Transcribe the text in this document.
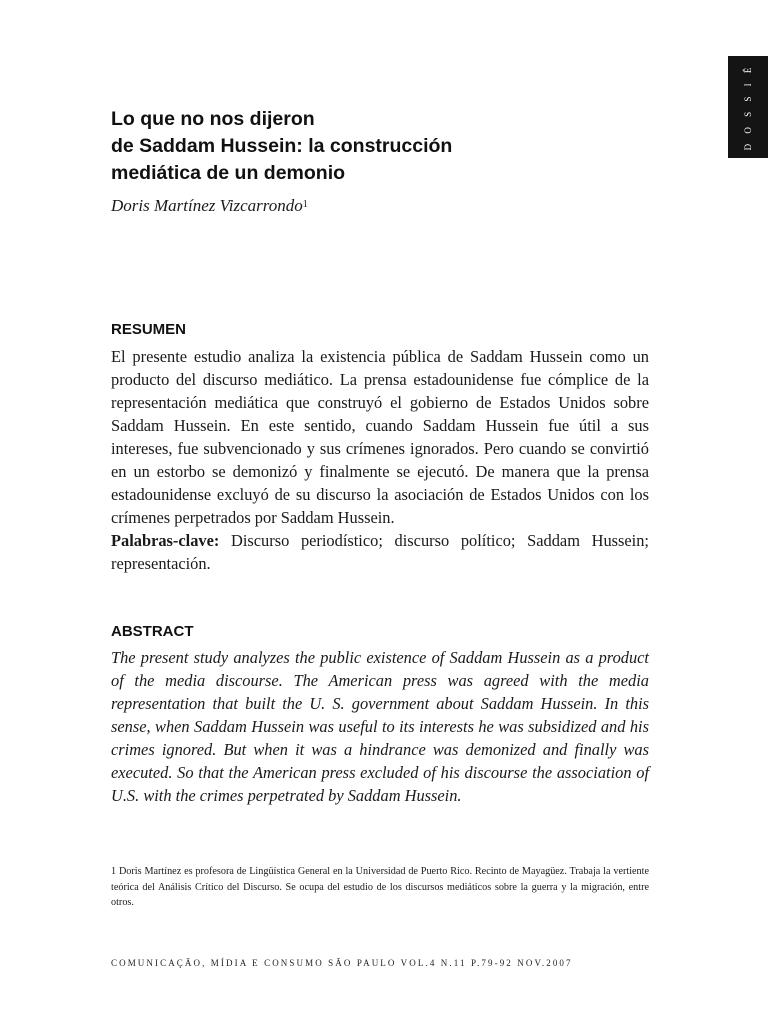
D O S S I Ê
Lo que no nos dijeron
de Saddam Hussein: la construcción
mediática de un demonio
Doris Martínez Vizcarrondo$^1$
RESUMEN

El presente estudio analiza la existencia pública de Saddam Hussein como un producto del discurso mediático. La prensa estadounidense fue cómplice de la representación mediática que construyó el gobierno de Estados Unidos sobre Saddam Hussein. En este sentido, cuando Saddam Hussein fue útil a sus intereses, fue subvencionado y sus crímenes ignorados. Pero cuando se convirtió en un estorbo se demonizó y finalmente se ejecutó. De manera que la prensa estadounidense excluyó de su discurso la asociación de Estados Unidos con los crímenes perpetrados por Saddam Hussein.

Palabras-clave: Discurso periodístico; discurso político; Saddam Hussein; representación.

ABSTRACT

The present study analyzes the public existence of Saddam Hussein as a product of the media discourse. The American press was agreed with the media representation that built the U. S. government about Saddam Hussein. In this sense, when Saddam Hussein was useful to its interests he was subsidized and his crimes ignored. But when it was a hindrance was demonized and finally was executed. So that the American press excluded of his discourse the association of U.S. with the crimes perpetrated by Saddam Hussein.

1 Doris Martínez es profesora de Lingüística General en la Universidad de Puerto Rico. Recinto de Mayagüez. Trabaja la vertiente teórica del Análisis Crítico del Discurso. Se ocupa del estudio de los discursos mediáticos sobre la guerra y la migración, entre otros.
COMUNICAÇÃO, MÍDIA E CONSUMO SÃO PAULO VOL.4 N.11 P.79-92 NOV.2007
